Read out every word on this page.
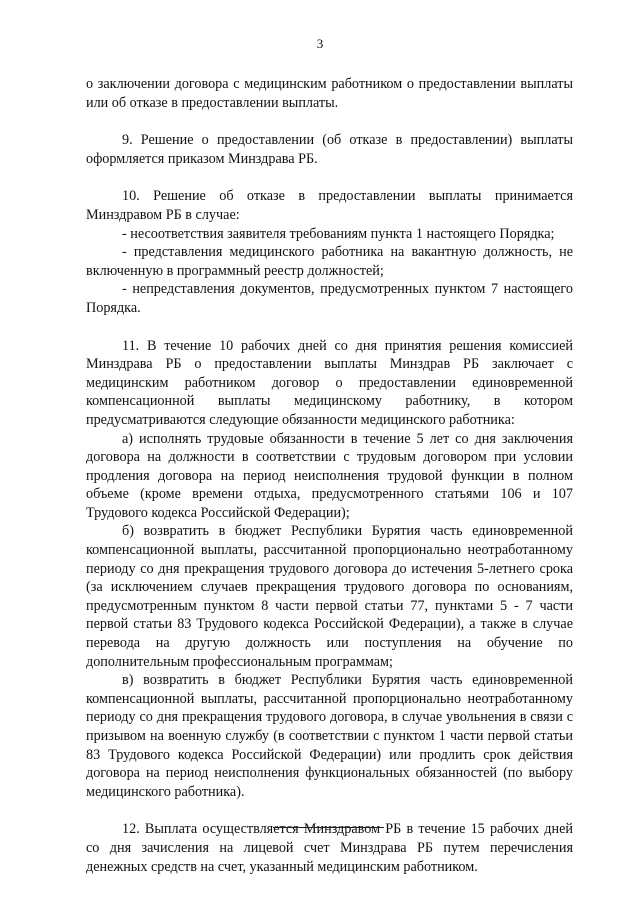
3

о заключении договора с медицинским работником о предоставлении выплаты или об отказе в предоставлении выплаты.

9. Решение о предоставлении (об отказе в предоставлении) выплаты оформляется приказом Минздрава РБ.

10. Решение об отказе в предоставлении выплаты принимается Минздравом РБ в случае:

- несоответствия заявителя требованиям пункта 1 настоящего Порядка;

- представления медицинского работника на вакантную должность, не включенную в программный реестр должностей;

- непредставления документов, предусмотренных пунктом 7 настоящего Порядка.

11. В течение 10 рабочих дней со дня принятия решения комиссией Минздрава РБ о предоставлении выплаты Минздрав РБ заключает с медицинским работником договор о предоставлении единовременной компенсационной выплаты медицинскому работнику, в котором предусматриваются следующие обязанности медицинского работника:

а) исполнять трудовые обязанности в течение 5 лет со дня заключения договора на должности в соответствии с трудовым договором при условии продления договора на период неисполнения трудовой функции в полном объеме (кроме времени отдыха, предусмотренного статьями 106 и 107 Трудового кодекса Российской Федерации);

б) возвратить в бюджет Республики Бурятия часть единовременной компенсационной выплаты, рассчитанной пропорционально неотработанному периоду со дня прекращения трудового договора до истечения 5-летнего срока (за исключением случаев прекращения трудового договора по основаниям, предусмотренным пунктом 8 части первой статьи 77, пунктами 5 - 7 части первой статьи 83 Трудового кодекса Российской Федерации), а также в случае перевода на другую должность или поступления на обучение по дополнительным профессиональным программам;

в) возвратить в бюджет Республики Бурятия часть единовременной компенсационной выплаты, рассчитанной пропорционально неотработанному периоду со дня прекращения трудового договора, в случае увольнения в связи с призывом на военную службу (в соответствии с пунктом 1 части первой статьи 83 Трудового кодекса Российской Федерации) или продлить срок действия договора на период неисполнения функциональных обязанностей (по выбору медицинского работника).

12. Выплата осуществляется Минздравом РБ в течение 15 рабочих дней со дня зачисления на лицевой счет Минздрава РБ путем перечисления денежных средств на счет, указанный медицинским работником.
